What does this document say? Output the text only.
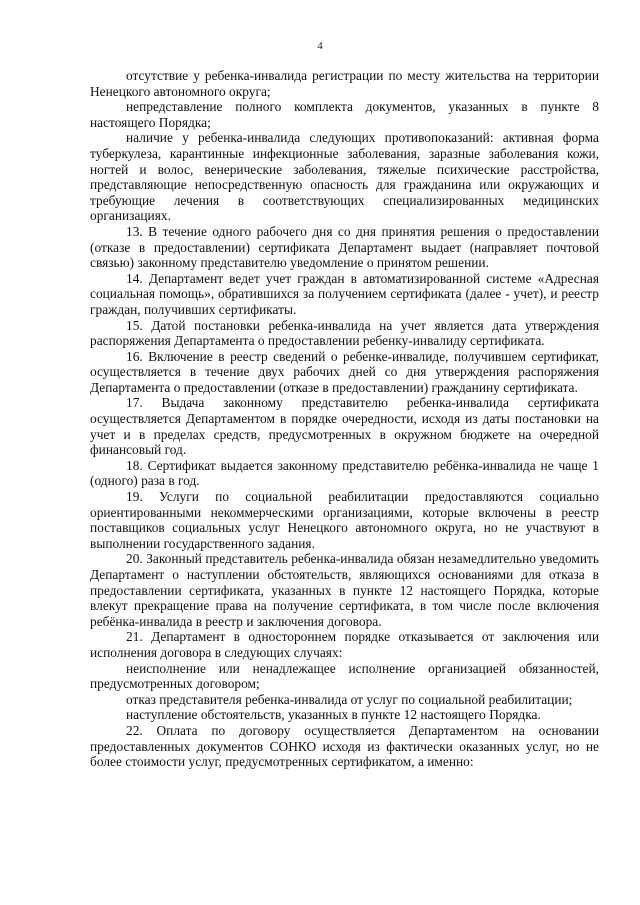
4

отсутствие у ребенка-инвалида регистрации по месту жительства на территории Ненецкого автономного округа;

непредставление полного комплекта документов, указанных в пункте 8 настоящего Порядка;

наличие у ребенка-инвалида следующих противопоказаний: активная форма туберкулеза, карантинные инфекционные заболевания, заразные заболевания кожи, ногтей и волос, венерические заболевания, тяжелые психические расстройства, представляющие непосредственную опасность для гражданина или окружающих и требующие лечения в соответствующих специализированных медицинских организациях.

13. В течение одного рабочего дня со дня принятия решения о предоставлении (отказе в предоставлении) сертификата Департамент выдает (направляет почтовой связью) законному представителю уведомление о принятом решении.

14. Департамент ведет учет граждан в автоматизированной системе «Адресная социальная помощь», обратившихся за получением сертификата (далее - учет), и реестр граждан, получивших сертификаты.

15. Датой постановки ребенка-инвалида на учет является дата утверждения распоряжения Департамента о предоставлении ребенку-инвалиду сертификата.

16. Включение в реестр сведений о ребенке-инвалиде, получившем сертификат, осуществляется в течение двух рабочих дней со дня утверждения распоряжения Департамента о предоставлении (отказе в предоставлении) гражданину сертификата.

17. Выдача законному представителю ребенка-инвалида сертификата осуществляется Департаментом в порядке очередности, исходя из даты постановки на учет и в пределах средств, предусмотренных в окружном бюджете на очередной финансовый год.

18. Сертификат выдается законному представителю ребёнка-инвалида не чаще 1 (одного) раза в год.

19. Услуги по социальной реабилитации предоставляются социально ориентированными некоммерческими организациями, которые включены в реестр поставщиков социальных услуг Ненецкого автономного округа, но не участвуют в выполнении государственного задания.

20. Законный представитель ребенка-инвалида обязан незамедлительно уведомить Департамент о наступлении обстоятельств, являющихся основаниями для отказа в предоставлении сертификата, указанных в пункте 12 настоящего Порядка, которые влекут прекращение права на получение сертификата, в том числе после включения ребёнка-инвалида в реестр и заключения договора.

21. Департамент в одностороннем порядке отказывается от заключения или исполнения договора в следующих случаях:

неисполнение или ненадлежащее исполнение организацией обязанностей, предусмотренных договором;

отказ представителя ребенка-инвалида от услуг по социальной реабилитации;

наступление обстоятельств, указанных в пункте 12 настоящего Порядка.

22. Оплата по договору осуществляется Департаментом на основании предоставленных документов СОНКО исходя из фактически оказанных услуг, но не более стоимости услуг, предусмотренных сертификатом, а именно:
